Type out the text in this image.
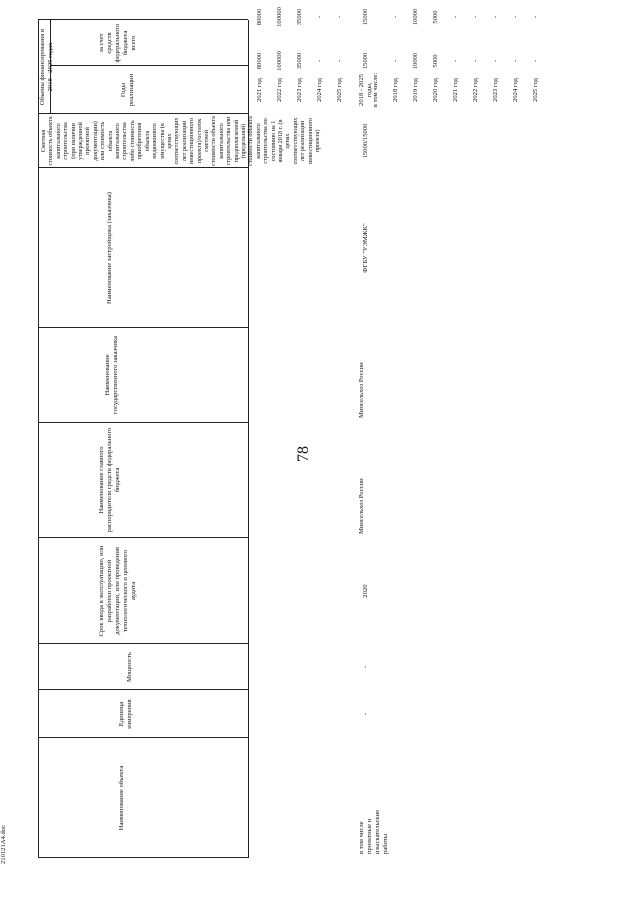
78
Наименование объекта
Единица измерения
Мощность
Срок ввода в эксплуатацию, или разработки проектной документации, или проведения технологического и ценового аудита
Наименование главного распорядителя средств федерального бюджета
Наименование государственного заказчика
Наименование застройщика (заказчика)
Сметная стоимость объекта капитального строительства (при наличии утвержденной проектной документации) или стоимость объекта капитального строительства либо стоимость приобретения объекта недвижимого имущества (в ценах соответствующих лет реализации инвестиционного проекта)/остаток сметной стоимости объекта капитального строительства или предполагаемой (предельной) стоимости объекта капитального строительства по состоянию на 1 января 2018 г. (в ценах соответствующих лет реализации инвестиционного проекта)
Годы реализации
Объемы финансирования в 2018 - 2025 годах	всего
за счет средств федерального бюджета
210121А4.doc
2021 год
80000
80000
2022 год
100000
100000
2023 год
35000
35000
2024 год
-
-
2025 год
-
-
в том числе проектные и изыскательские работы
-
-
2020
Минсельхоз России
Минсельхоз России
ФГБУ "УЭМЖК"
15000/15000
2018 - 2025 годы, в том числе:
15000
15000
2018 год
-
-
2019 год
10000
10000
2020 год
5000
5000
2021 год
-
-
2022 год
-
-
2023 год
-
-
2024 год
-
-
2025 год
-
-
